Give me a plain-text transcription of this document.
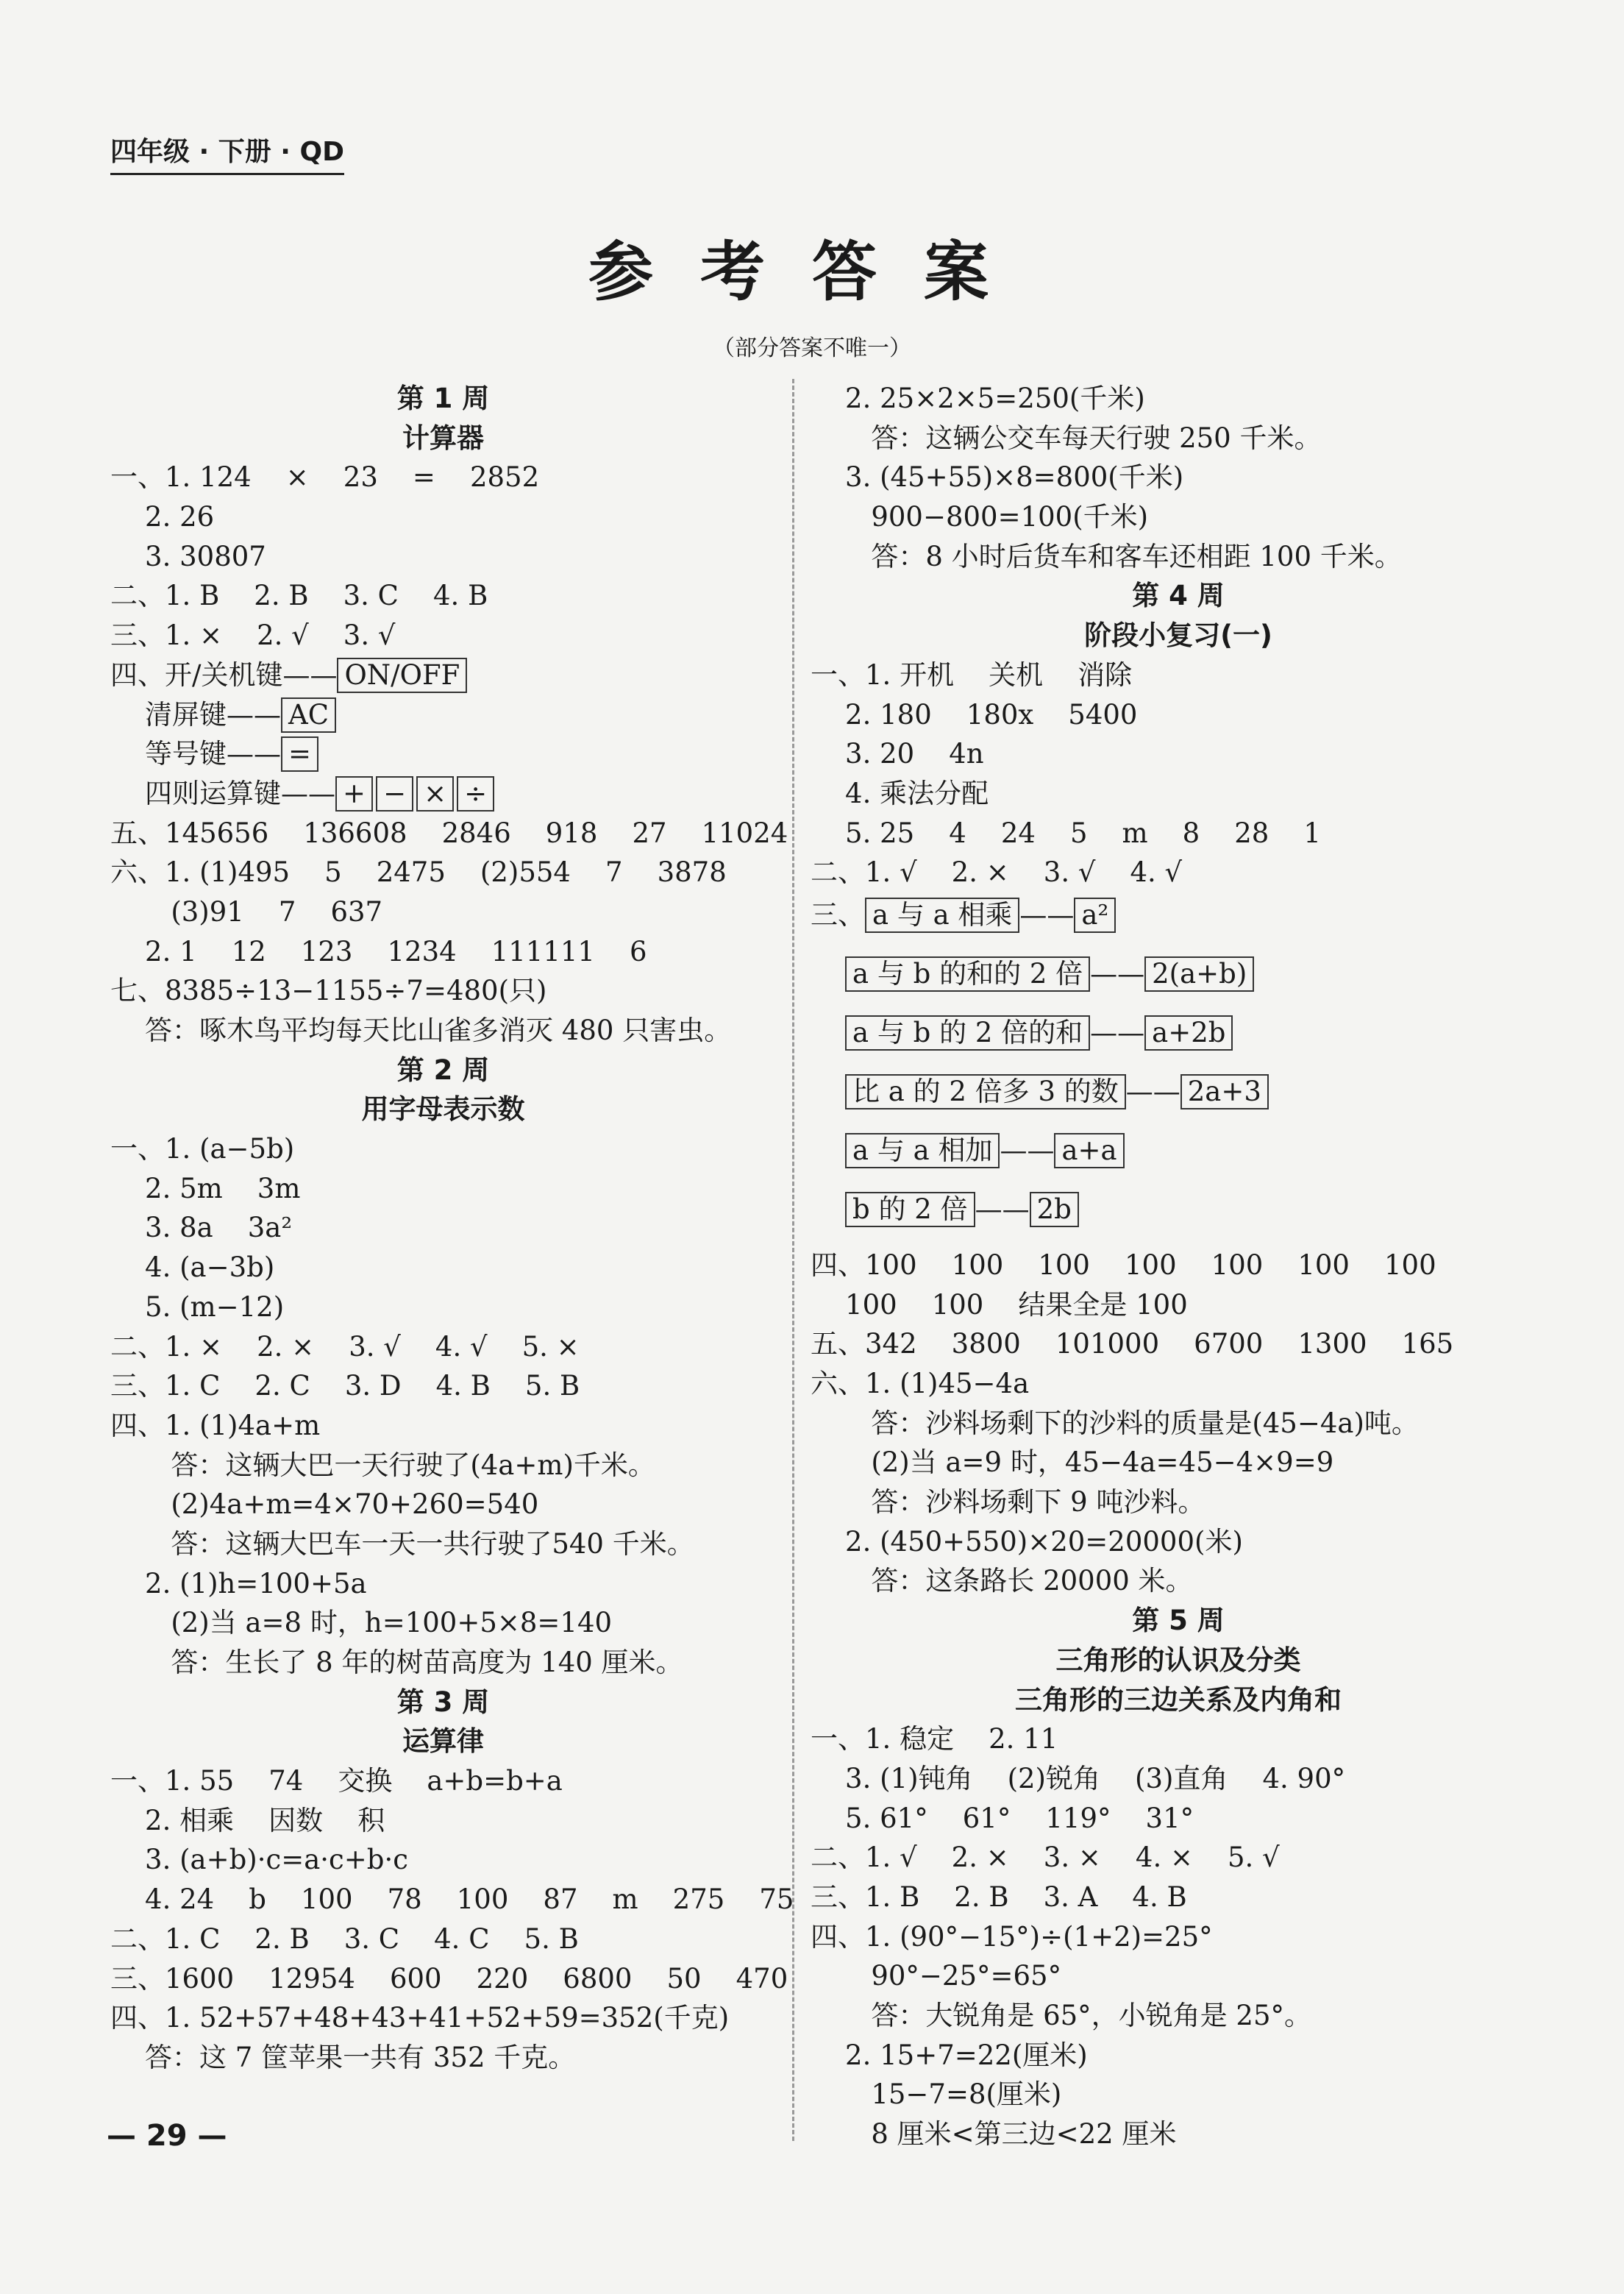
四年级 · 下册 · QD
参考答案
（部分答案不唯一）
第 1 周
计算器
一、1. 124    ×    23    =    2852
2. 26
3. 30807
二、1. B    2. B    3. C    4. B
三、1. ×    2. √    3. √
四、开/关机键—— ON/OFF
清屏键—— AC
等号键—— =
四则运算键—— + − × ÷
五、145656    136608    2846    918    27    11024
六、1. (1)495    5    2475    (2)554    7    3878
(3)91    7    637
2. 1    12    123    1234    111111    6
七、8385÷13−1155÷7=480(只)
答：啄木鸟平均每天比山雀多消灭 480 只害虫。
第 2 周
用字母表示数
一、1. (a−5b)
2. 5m    3m
3. 8a    3a²
4. (a−3b)
5. (m−12)
二、1. ×    2. ×    3. √    4. √    5. ×
三、1. C    2. C    3. D    4. B    5. B
四、1. (1)4a+m
答：这辆大巴一天行驶了(4a+m)千米。
(2)4a+m=4×70+260=540
答：这辆大巴车一天一共行驶了540 千米。
2. (1)h=100+5a
(2)当 a=8 时，h=100+5×8=140
答：生长了 8 年的树苗高度为 140 厘米。
第 3 周
运算律
一、1. 55    74    交换    a+b=b+a
2. 相乘    因数    积
3. (a+b)·c=a·c+b·c
4. 24    b    100    78    100    87    m    275    75
二、1. C    2. B    3. C    4. C    5. B
三、1600    12954    600    220    6800    50    470
四、1. 52+57+48+43+41+52+59=352(千克)
答：这 7 筐苹果一共有 352 千克。
2. 25×2×5=250(千米)
答：这辆公交车每天行驶 250 千米。
3. (45+55)×8=800(千米)
900−800=100(千米)
答：8 小时后货车和客车还相距 100 千米。
第 4 周
阶段小复习(一)
一、1. 开机    关机    消除
2. 180    180x    5400
3. 20    4n
4. 乘法分配
5. 25    4    24    5    m    8    28    1
二、1. √    2. ×    3. √    4. √
三、 a 与 a 相乘 —— a²
a 与 b 的和的 2 倍 —— 2(a+b)
a 与 b 的 2 倍的和 —— a+2b
比 a 的 2 倍多 3 的数 —— 2a+3
a 与 a 相加 —— a+a
b 的 2 倍 —— 2b
四、100    100    100    100    100    100    100
100    100    结果全是 100
五、342    3800    101000    6700    1300    165
六、1. (1)45−4a
答：沙料场剩下的沙料的质量是(45−4a)吨。
(2)当 a=9 时，45−4a=45−4×9=9
答：沙料场剩下 9 吨沙料。
2. (450+550)×20=20000(米)
答：这条路长 20000 米。
第 5 周
三角形的认识及分类
三角形的三边关系及内角和
一、1. 稳定    2. 11
3. (1)钝角    (2)锐角    (3)直角    4. 90°
5. 61°    61°    119°    31°
二、1. √    2. ×    3. ×    4. ×    5. √
三、1. B    2. B    3. A    4. B
四、1. (90°−15°)÷(1+2)=25°
90°−25°=65°
答：大锐角是 65°，小锐角是 25°。
2. 15+7=22(厘米)
15−7=8(厘米)
8 厘米<第三边<22 厘米
— 29 —
